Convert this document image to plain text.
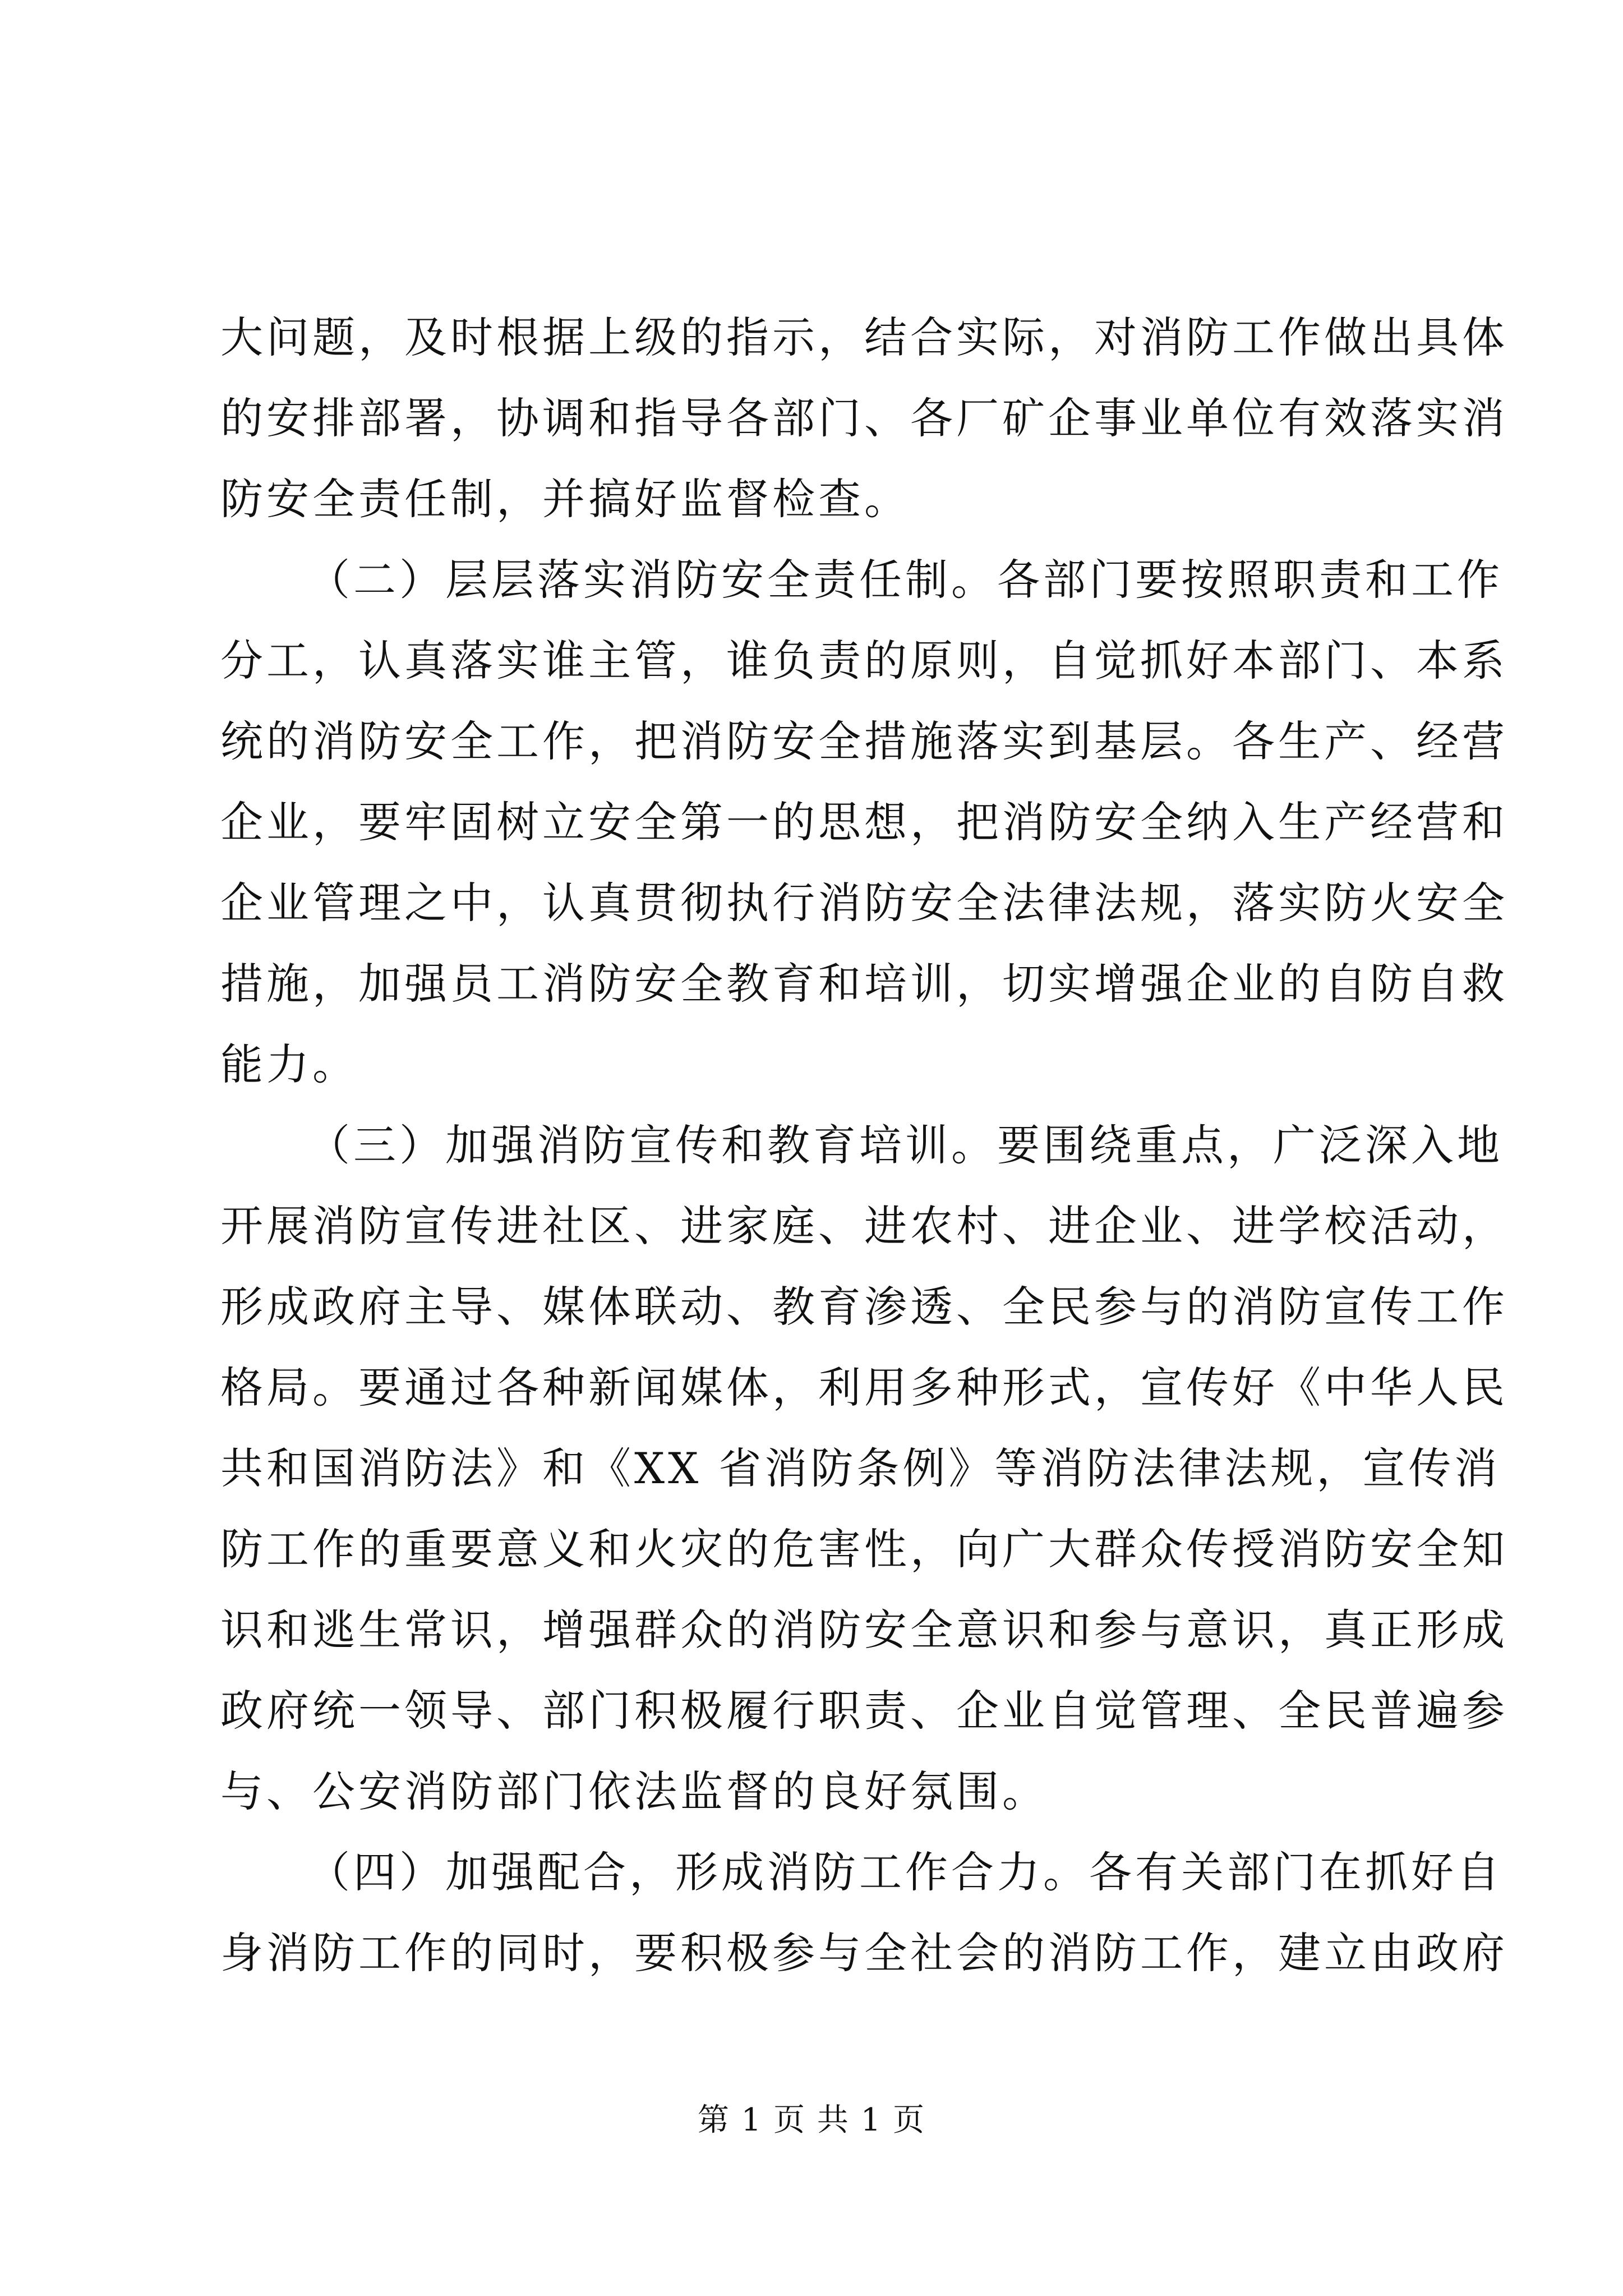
大问题，及时根据上级的指示，结合实际，对消防工作做出具体
的安排部署，协调和指导各部门、各厂矿企事业单位有效落实消
防安全责任制，并搞好监督检查。
（二）层层落实消防安全责任制。各部门要按照职责和工作
分工，认真落实谁主管，谁负责的原则，自觉抓好本部门、本系
统的消防安全工作，把消防安全措施落实到基层。各生产、经营
企业，要牢固树立安全第一的思想，把消防安全纳入生产经营和
企业管理之中，认真贯彻执行消防安全法律法规，落实防火安全
措施，加强员工消防安全教育和培训，切实增强企业的自防自救
能力。
（三）加强消防宣传和教育培训。要围绕重点，广泛深入地
开展消防宣传进社区、进家庭、进农村、进企业、进学校活动，
形成政府主导、媒体联动、教育渗透、全民参与的消防宣传工作
格局。要通过各种新闻媒体，利用多种形式，宣传好《中华人民
共和国消防法》和《XX 省消防条例》等消防法律法规，宣传消
防工作的重要意义和火灾的危害性，向广大群众传授消防安全知
识和逃生常识，增强群众的消防安全意识和参与意识，真正形成
政府统一领导、部门积极履行职责、企业自觉管理、全民普遍参
与、公安消防部门依法监督的良好氛围。
（四）加强配合，形成消防工作合力。各有关部门在抓好自
身消防工作的同时，要积极参与全社会的消防工作，建立由政府
第 1 页 共 1 页
